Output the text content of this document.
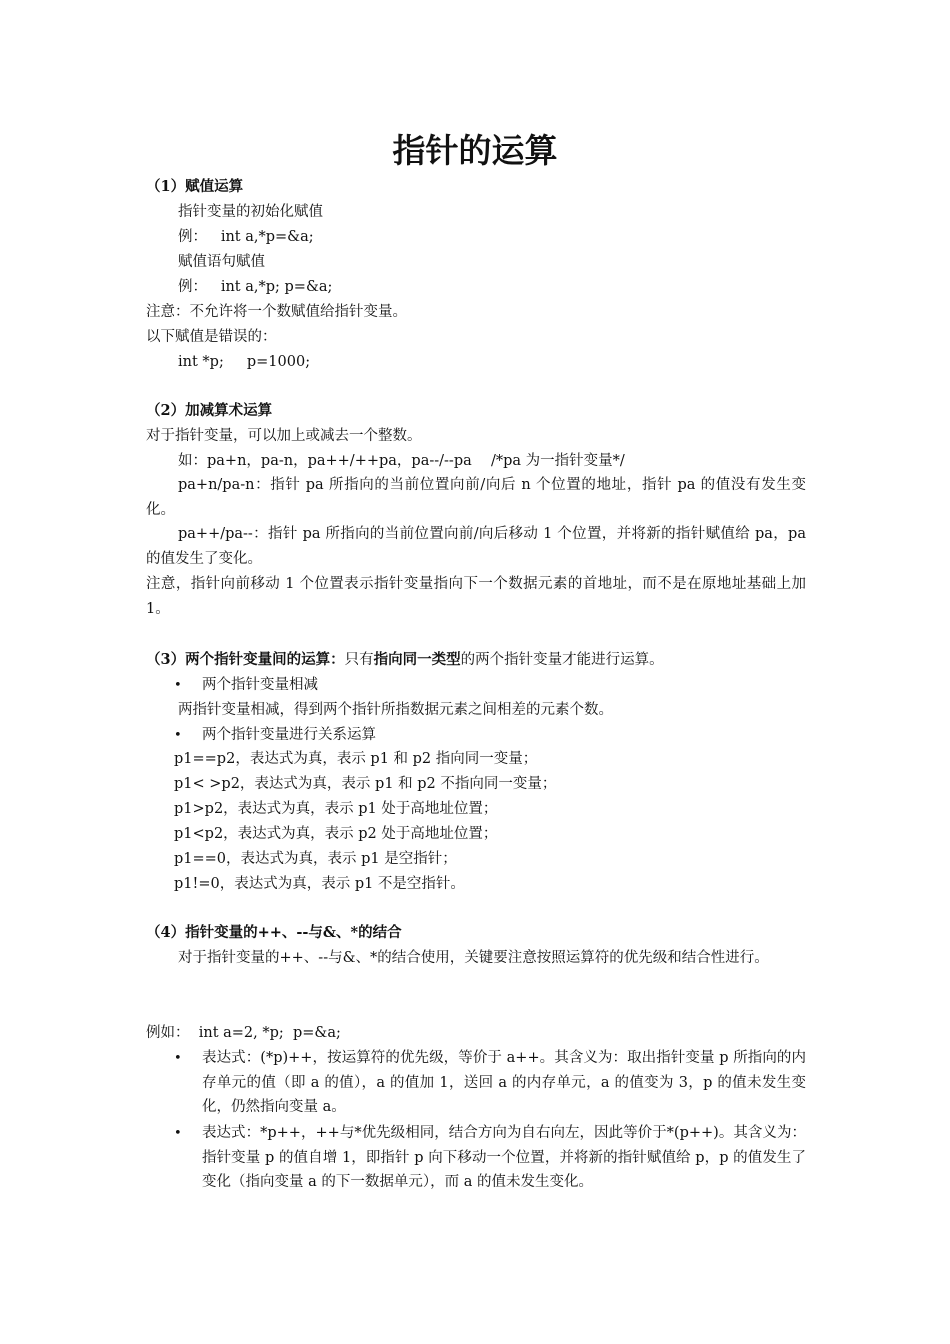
指针的运算
（1）赋值运算
指针变量的初始化赋值
例：   int a,*p=&a;
赋值语句赋值
例：   int a,*p; p=&a;
注意：不允许将一个数赋值给指针变量。
以下赋值是错误的：
int *p;     p=1000;
（2）加减算术运算
对于指针变量，可以加上或减去一个整数。
如：pa+n，pa-n，pa++/++pa，pa--/--pa /*pa 为一指针变量*/
pa+n/pa-n：指针 pa 所指向的当前位置向前/向后 n 个位置的地址，指针 pa 的值没有发生变化。
pa++/pa--：指针 pa 所指向的当前位置向前/向后移动 1 个位置，并将新的指针赋值给 pa，pa 的值发生了变化。
注意，指针向前移动 1 个位置表示指针变量指向下一个数据元素的首地址，而不是在原地址基础上加 1。
（3）两个指针变量间的运算：只有指向同一类型的两个指针变量才能进行运算。
• 两个指针变量相减
两指针变量相减，得到两个指针所指数据元素之间相差的元素个数。
• 两个指针变量进行关系运算
p1==p2，表达式为真，表示 p1 和 p2 指向同一变量；
p1< >p2，表达式为真，表示 p1 和 p2 不指向同一变量；
p1>p2，表达式为真，表示 p1 处于高地址位置；
p1<p2，表达式为真，表示 p2 处于高地址位置；
p1==0，表达式为真，表示 p1 是空指针；
p1!=0，表达式为真，表示 p1 不是空指针。
（4）指针变量的++、--与&、*的结合
对于指针变量的++、--与&、*的结合使用，关键要注意按照运算符的优先级和结合性进行。
例如：  int a=2, *p;  p=&a;
• 表达式：(*p)++，按运算符的优先级，等价于 a++。其含义为：取出指针变量 p 所指向的内存单元的值（即 a 的值），a 的值加 1，送回 a 的内存单元，a 的值变为 3，p 的值未发生变化，仍然指向变量 a。
• 表达式：*p++，++与*优先级相同，结合方向为自右向左，因此等价于*(p++)。其含义为：指针变量 p 的值自增 1，即指针 p 向下移动一个位置，并将新的指针赋值给 p，p 的值发生了变化（指向变量 a 的下一数据单元），而 a 的值未发生变化。
